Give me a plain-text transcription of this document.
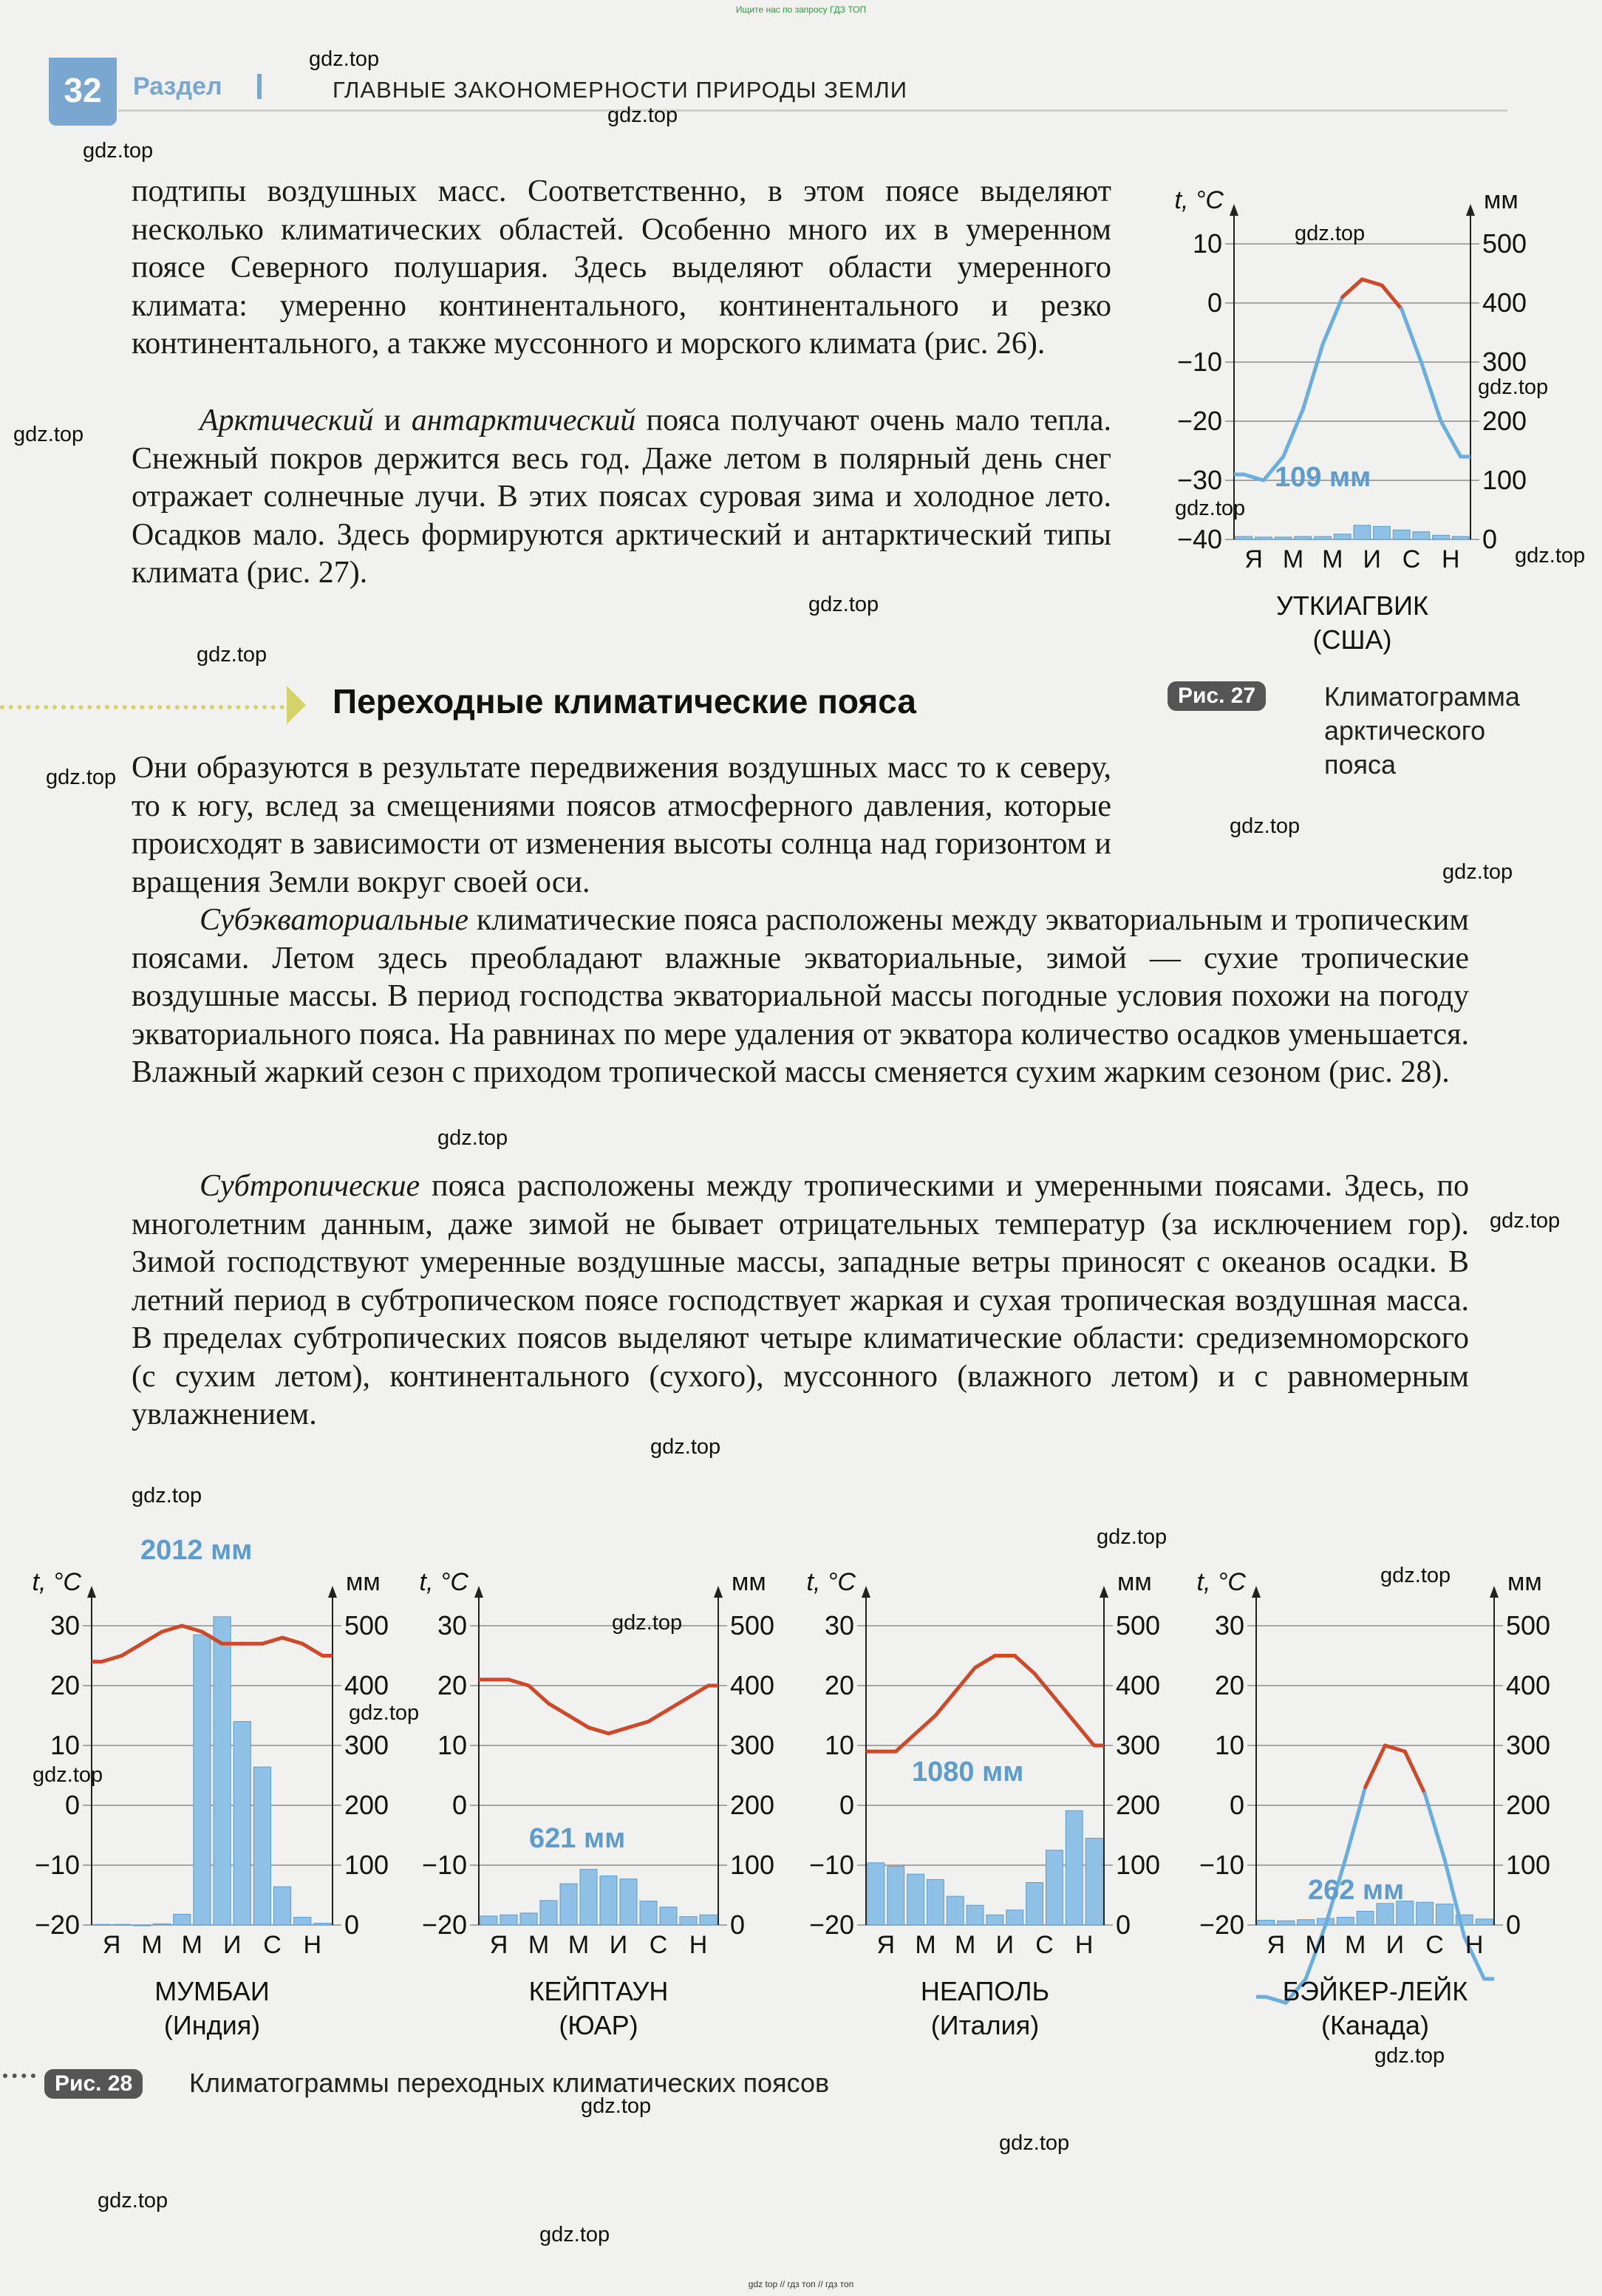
Ищите нас по запросу ГДЗ ТОП
32	Раздел	ГЛАВНЫЕ ЗАКОНОМЕРНОСТИ ПРИРОДЫ ЗЕМЛИ

подтипы воздушных масс. Соответственно, в этом поясе выделяют несколько климатических областей. Особенно много их в умеренном поясе Северного полушария. Здесь выделяют области умеренного климата: умеренно континентального, континентального и резко континентального, а также муссонного и морского климата (рис. 26).

Арктический и антарктический пояса получают очень мало тепла. Снежный покров держится весь год. Даже летом в полярный день снег отражает солнечные лучи. В этих поясах суровая зима и холодное лето. Осадков мало. Здесь формируются арктический и антарктический типы климата (рис. 27).

Переходные климатические пояса

Они образуются в результате передвижения воздушных масс то к северу, то к югу, вслед за смещениями поясов атмосферного давления, которые происходят в зависимости от изменения высоты солнца над горизонтом и вращения Земли вокруг своей оси.

Субэкваториальные климатические пояса расположены между экваториальным и тропическим поясами. Летом здесь преобладают влажные экваториальные, зимой — сухие тропические воздушные массы. В период господства экваториальной массы погодные условия похожи на погоду экваториального пояса. На равнинах по мере удаления от экватора количество осадков уменьшается. Влажный жаркий сезон с приходом тропической массы сменяется сухим жарким сезоном (рис. 28).

Субтропические пояса расположены между тропическими и умеренными поясами. Здесь, по многолетним данным, даже зимой не бывает отрицательных температур (за исключением гор). Зимой господствуют умеренные воздушные массы, западные ветры приносят с океанов осадки. В летний период в субтропическом поясе господствует жаркая и сухая тропическая воздушная масса. В пределах субтропических поясов выделяют четыре климатические области: средиземноморского (с сухим летом), континентального (сухого), муссонного (влажного летом) и с равномерным увлажнением.

10
0
−10
−20
−30
−40
500
400
300
200
100
0
t, °C	мм
Я М М И С Н
109 мм
УТКИАГВИК
(США)
Рис. 27	Климатограмма
арктического
пояса
30
20
10
0
−10
−20
500
400
300
200
100
0
t, °C	мм
Я М М И С Н
2012 мм
МУМБАИ
(Индия)
30
20
10
0
−10
−20
500
400
300
200
100
0
t, °C	мм
Я М М И С Н
621 мм
КЕЙПТАУН
(ЮАР)
30
20
10
0
−10
−20
500
400
300
200
100
0
t, °C	мм
Я М М И С Н
1080 мм
НЕАПОЛЬ
(Италия)
30
20
10
0
−10
−20
500
400
300
200
100
0
t, °C	мм
Я М М И С Н
262 мм
БЭЙКЕР-ЛЕЙК
(Канада)
Рис. 28	Климатограммы переходных климатических поясов
gdz.top
gdz.top
gdz.top
gdz.top
gdz.top
gdz.top
gdz.top
gdz.top
gdz.top
gdz.top
gdz.top
gdz.top
gdz.top
gdz.top
gdz.top
gdz.top
gdz.top
gdz.top
gdz.top
gdz.top
gdz.top
gdz.top
gdz.top
gdz.top
gdz.top
gdz.top
gdz.top
gdz top // гдз топ // гдз топ
